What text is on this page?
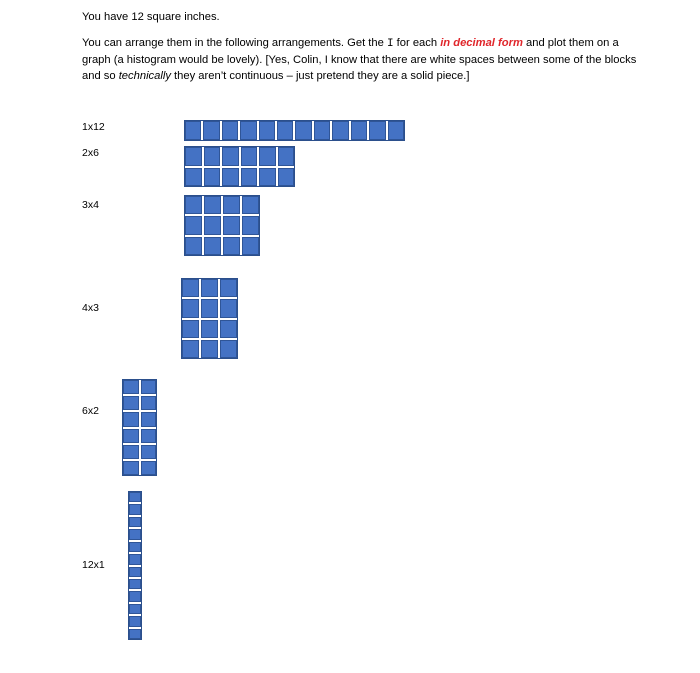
You have 12 square inches.

You can arrange them in the following arrangements. Get the I for each in decimal form and plot them on a graph (a histogram would be lovely). [Yes, Colin, I know that there are white spaces between some of the blocks and so technically they aren’t continuous – just pretend they are a solid piece.]

1x12
2x6
3x4
4x3
6x2
12x1
